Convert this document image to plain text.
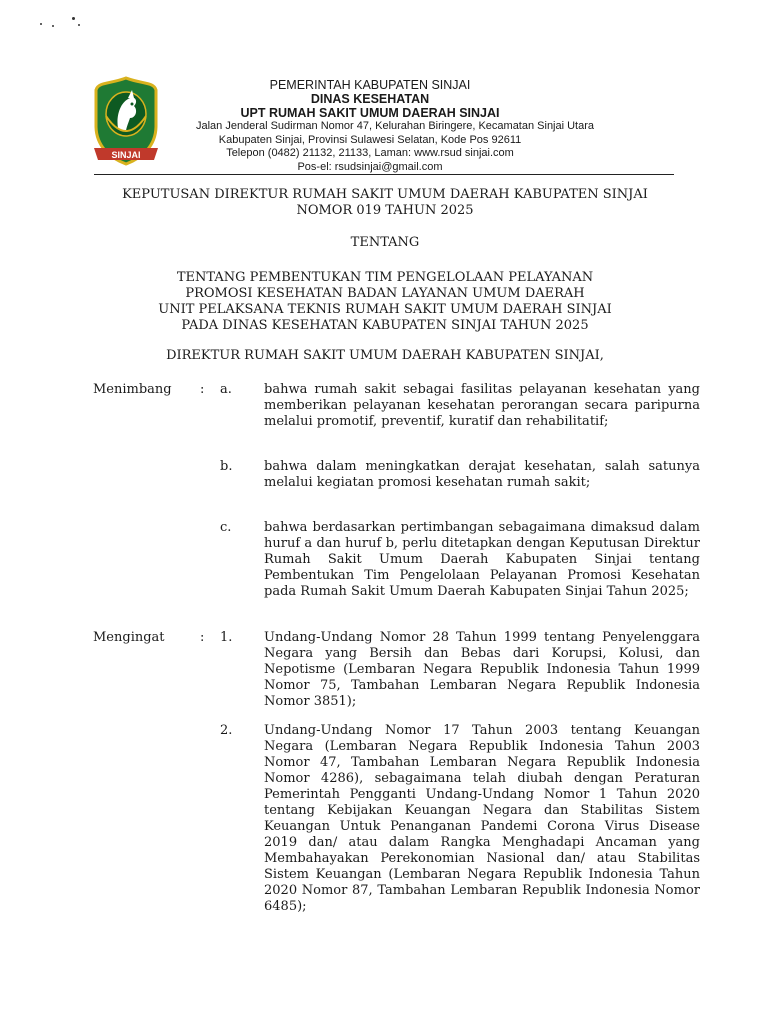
SINJAI
PEMERINTAH KABUPATEN SINJAI
DINAS KESEHATAN
UPT RUMAH SAKIT UMUM DAERAH SINJAI
Jalan Jenderal Sudirman Nomor 47, Kelurahan Biringere, Kecamatan Sinjai Utara
Kabupaten Sinjai, Provinsi Sulawesi Selatan, Kode Pos 92611
Telepon (0482) 21132, 21133, Laman: www.rsud sinjai.com
Pos-el: rsudsinjai@gmail.com
KEPUTUSAN DIREKTUR RUMAH SAKIT UMUM DAERAH KABUPATEN SINJAI
NOMOR 019 TAHUN 2025
TENTANG
TENTANG PEMBENTUKAN TIM PENGELOLAAN PELAYANAN
PROMOSI KESEHATAN BADAN LAYANAN UMUM DAERAH
UNIT PELAKSANA TEKNIS RUMAH SAKIT UMUM DAERAH SINJAI
PADA DINAS KESEHATAN KABUPATEN SINJAI TAHUN 2025
DIREKTUR RUMAH SAKIT UMUM DAERAH KABUPATEN SINJAI,
Menimbang : a. bahwa rumah sakit sebagai fasilitas pelayanan kesehatan yang memberikan pelayanan kesehatan perorangan secara paripurna melalui promotif, preventif, kuratif dan rehabilitatif;
b. bahwa dalam meningkatkan derajat kesehatan, salah satunya melalui kegiatan promosi kesehatan rumah sakit;
c.	bahwa berdasarkan pertimbangan sebagaimana dimaksud dalam huruf a dan huruf b, perlu ditetapkan dengan Keputusan Direktur Rumah Sakit Umum Daerah Kabupaten Sinjai tentang Pembentukan Tim Pengelolaan Pelayanan Promosi Kesehatan pada Rumah Sakit Umum Daerah Kabupaten Sinjai Tahun 2025;
Mengingat	: 1. Undang-Undang Nomor 28 Tahun 1999 tentang Penyelenggara Negara yang Bersih dan Bebas dari Korupsi, Kolusi, dan Nepotisme (Lembaran Negara Republik Indonesia Tahun 1999 Nomor 75, Tambahan Lembaran Negara Republik Indonesia Nomor 3851);
2. Undang-Undang Nomor 17 Tahun 2003 tentang Keuangan Negara (Lembaran Negara Republik Indonesia Tahun 2003 Nomor 47, Tambahan Lembaran Negara Republik Indonesia Nomor 4286), sebagaimana telah diubah dengan Peraturan Pemerintah Pengganti Undang-Undang Nomor 1 Tahun 2020 tentang Kebijakan Keuangan Negara dan Stabilitas Sistem Keuangan Untuk Penanganan Pandemi Corona Virus Disease 2019 dan/ atau dalam Rangka Menghadapi Ancaman yang Membahayakan Perekonomian Nasional dan/ atau Stabilitas Sistem Keuangan (Lembaran Negara Republik Indonesia Tahun 2020 Nomor 87, Tambahan Lembaran Republik Indonesia Nomor 6485);
